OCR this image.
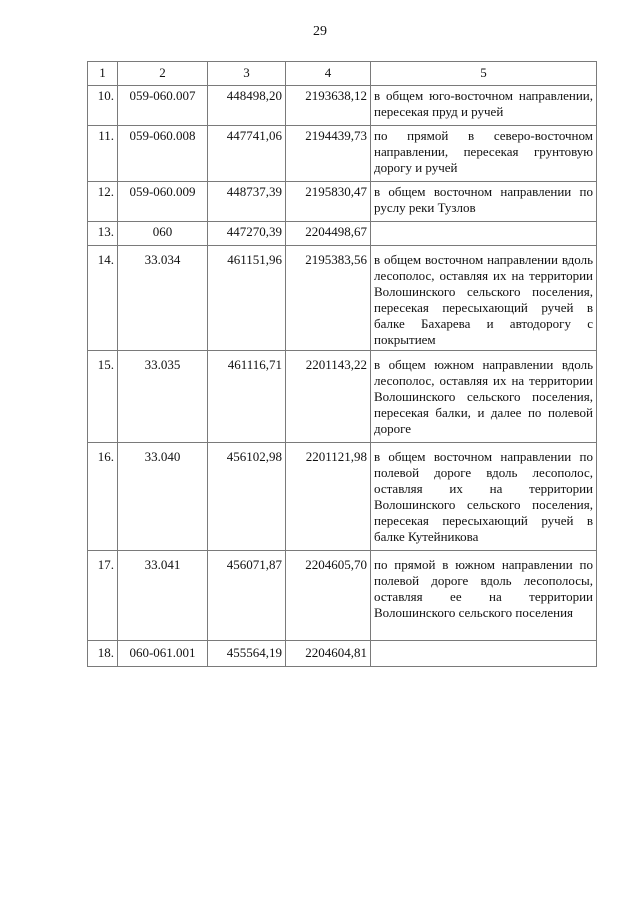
29
1	2	3	4	5
10.	059-060.007	448498,20	2193638,12	в общем юго-восточном направлении, пересекая пруд и ручей
11.	059-060.008	447741,06	2194439,73	по прямой в северо-восточном направлении, пересекая грунтовую дорогу и ручей
12.	059-060.009	448737,39	2195830,47	в общем восточном направлении по руслу реки Тузлов
13.	060	447270,39	2204498,67	
14.	33.034	461151,96	2195383,56	в общем восточном направлении вдоль лесополос, оставляя их на территории Волошинского сельского поселения, пересекая пересыхающий ручей в балке Бахарева и автодорогу с покрытием
15.	33.035	461116,71	2201143,22	в общем южном направлении вдоль лесополос, оставляя их на территории Волошинского сельского поселения, пересекая балки, и далее по полевой дороге
16.	33.040	456102,98	2201121,98	в общем восточном направлении по полевой дороге вдоль лесополос, оставляя их на территории Волошинского сельского поселения, пересекая пересыхающий ручей в балке Кутейникова
17.	33.041	456071,87	2204605,70	по прямой в южном направлении по полевой дороге вдоль лесополосы, оставляя ее на территории Волошинского сельского поселения
18.	060-061.001	455564,19	2204604,81	
